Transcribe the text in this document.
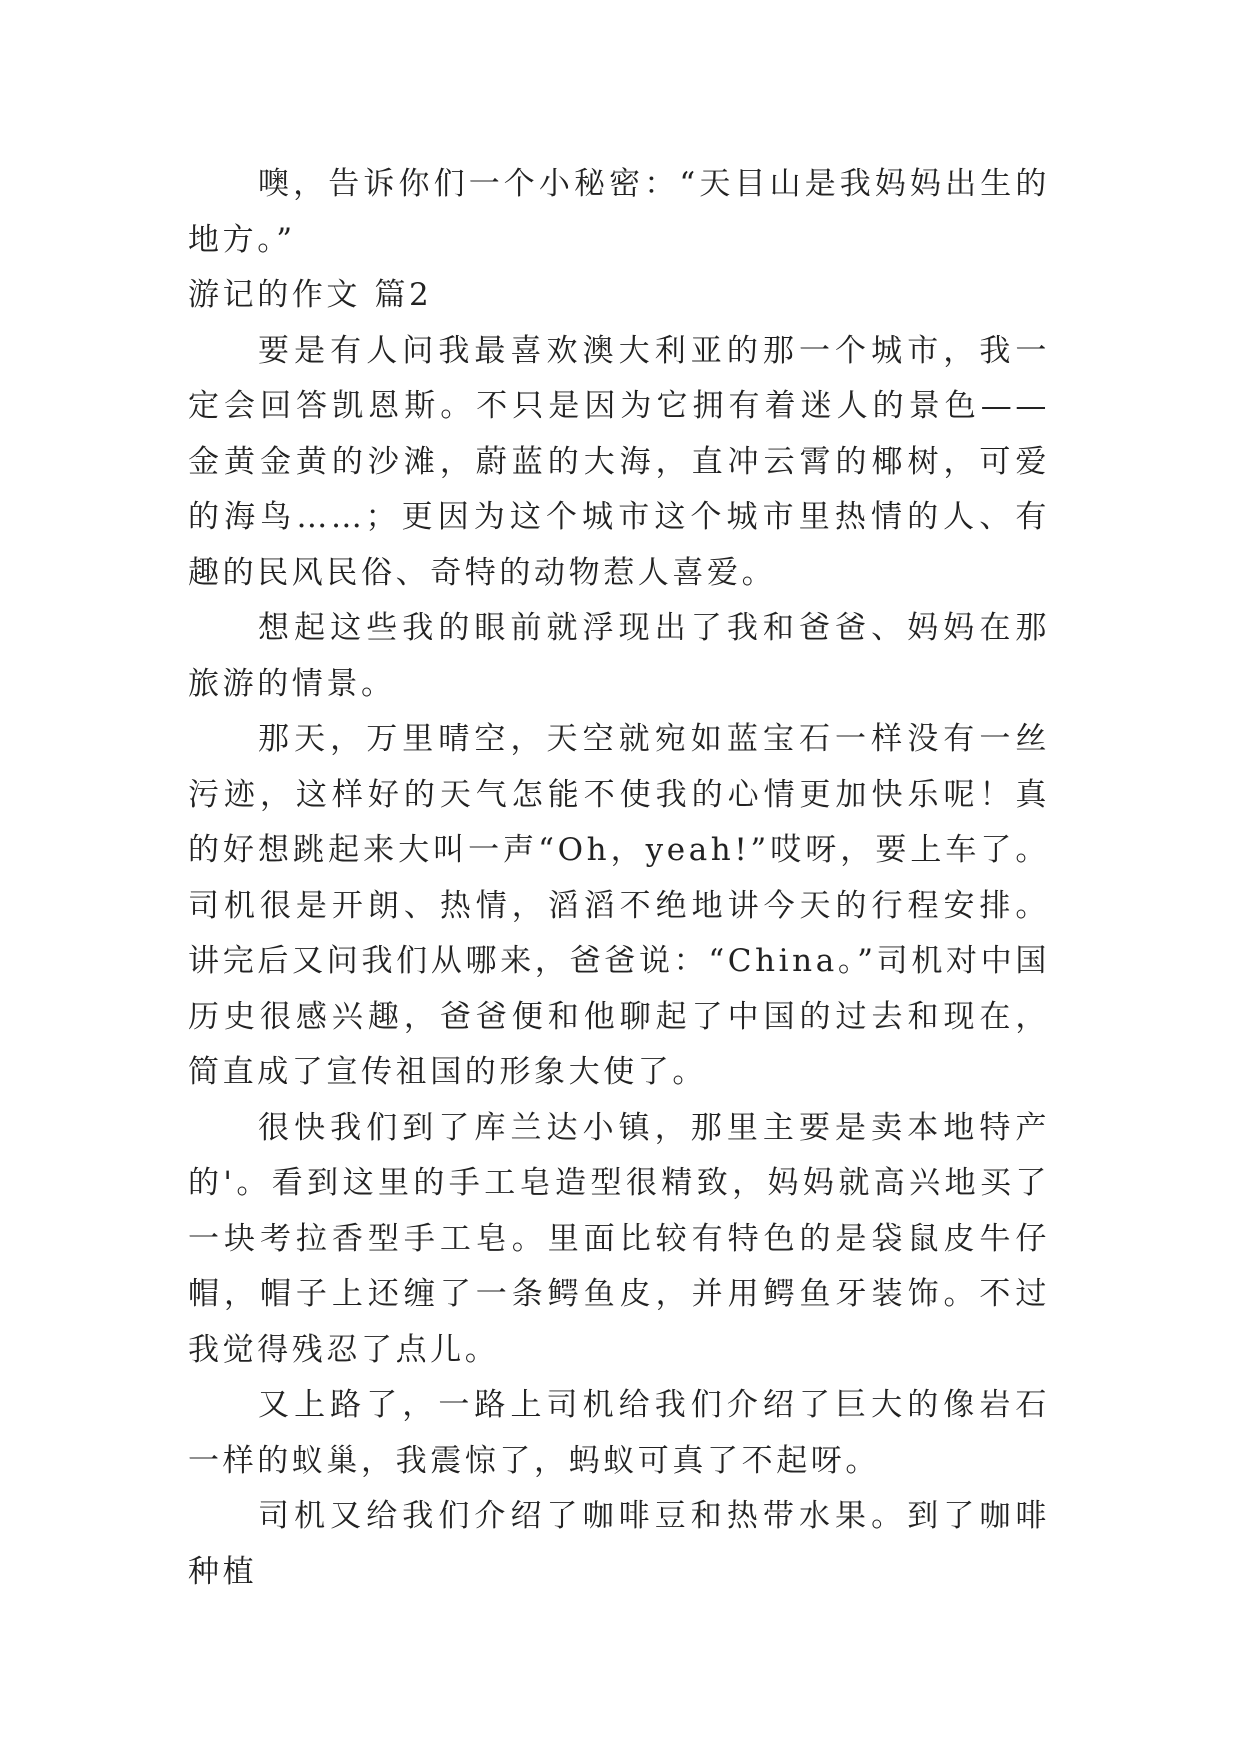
噢，告诉你们一个小秘密：“天目山是我妈妈出生的地方。”

游记的作文 篇2

要是有人问我最喜欢澳大利亚的那一个城市，我一定会回答凯恩斯。不只是因为它拥有着迷人的景色——金黄金黄的沙滩，蔚蓝的大海，直冲云霄的椰树，可爱的海鸟……；更因为这个城市这个城市里热情的人、有趣的民风民俗、奇特的动物惹人喜爱。

想起这些我的眼前就浮现出了我和爸爸、妈妈在那旅游的情景。

那天，万里晴空，天空就宛如蓝宝石一样没有一丝污迹，这样好的天气怎能不使我的心情更加快乐呢！真的好想跳起来大叫一声“Oh，yeah!”哎呀，要上车了。司机很是开朗、热情，滔滔不绝地讲今天的行程安排。讲完后又问我们从哪来，爸爸说：“China。”司机对中国历史很感兴趣，爸爸便和他聊起了中国的过去和现在，简直成了宣传祖国的形象大使了。

很快我们到了库兰达小镇，那里主要是卖本地特产的'。看到这里的手工皂造型很精致，妈妈就高兴地买了一块考拉香型手工皂。里面比较有特色的是袋鼠皮牛仔帽，帽子上还缠了一条鳄鱼皮，并用鳄鱼牙装饰。不过我觉得残忍了点儿。

又上路了，一路上司机给我们介绍了巨大的像岩石一样的蚁巢，我震惊了，蚂蚁可真了不起呀。

司机又给我们介绍了咖啡豆和热带水果。到了咖啡种植
